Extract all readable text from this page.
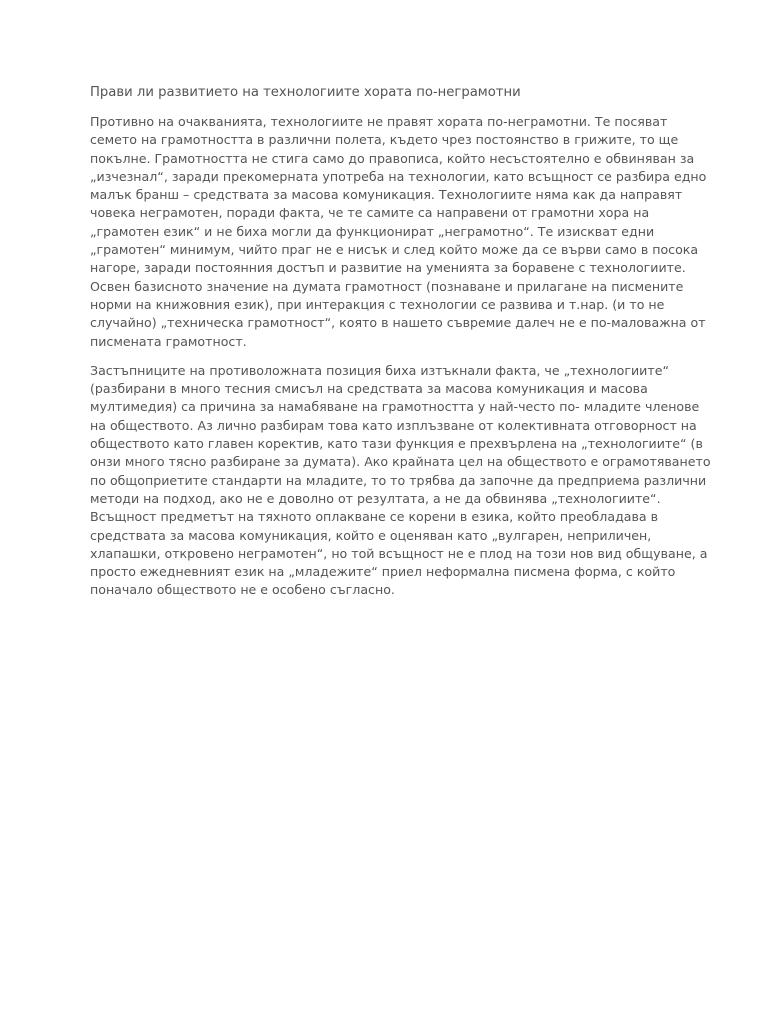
Прави ли развитието на технологиите хората по-неграмотни
Противно на очакванията, технологиите не правят хората по-неграмотни. Те посяват
семето на грамотността в различни полета, където чрез постоянство в грижите, то ще
покълне. Грамотността не стига само до правописа, който несъстоятелно е обвиняван за
„изчезнал“, заради прекомерната употреба на технологии, като всъщност се разбира едно
малък бранш – средствата за масова комуникация. Технологиите няма как да направят
човека неграмотен, поради факта, че те самите са направени от грамотни хора на
„грамотен език“ и не биха могли да функционират „неграмотно“. Те изискват едни
„грамотен“ минимум, чийто праг не е нисък и след който може да се върви само в посока
нагоре, заради постоянния достъп и развитие на уменията за боравене с технологиите.
Освен базисното значение на думата грамотност (познаване и прилагане на писмените
норми на книжовния език), при интеракция с технологии се развива и т.нар. (и то не
случайно) „техническа грамотност“, която в нашето съвремие далеч не е по-маловажна от
писмената грамотност.
Застъпниците на противоложната позиция биха изтъкнали факта, че „технологиите“
(разбирани в много тесния смисъл на средствата за масова комуникация и масова
мултимедия) са причина за намабяване на грамотността у най-често по- младите членове
на обществото. Аз лично разбирам това като изплъзване от колективната отговорност на
обществото като главен коректив, като тази функция е прехвърлена на „технологиите“ (в
онзи много тясно разбиране за думата). Ако крайната цел на обществото е ограмотяването
по общоприетите стандарти на младите, то то трябва да започне да предприема различни
методи на подход, ако не е доволно от резултата, а не да обвинява „технологиите“.
Всъщност предметът на тяхното оплакване се корени в езика, който преобладава в
средствата за масова комуникация, който е оценяван като „вулгарен, неприличен,
хлапашки, откровено неграмотен“, но той всъщност не е плод на този нов вид общуване, а
просто ежедневният език на „младежите“ приел неформална писмена форма, с който
поначало обществото не е особено съгласно.
